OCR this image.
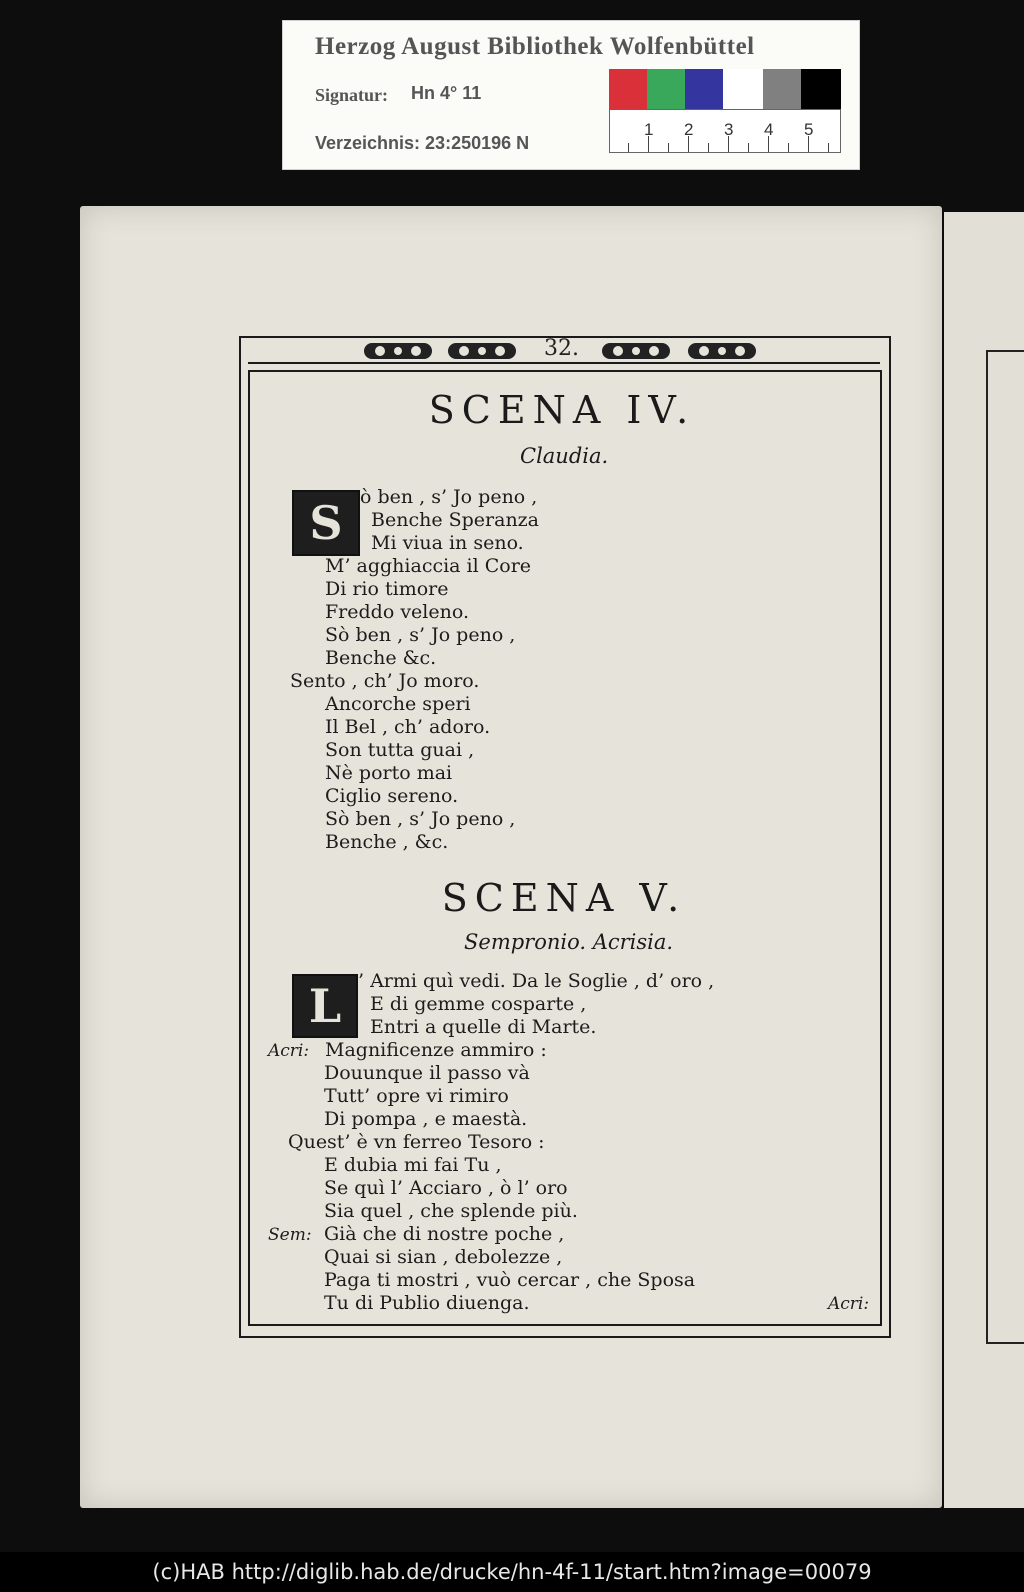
Herzog August Bibliothek Wolfenbüttel
Signatur: Hn 4° 11
Verzeichnis: 23:250196 N
1 2 3 4 5
32.
SCENA IV.
Claudia.
S ò ben , s’ Jo peno ,
Benche Speranza
Mi viua in seno.
M’ agghiaccia il Core
Di rio timore
Freddo veleno.
Sò ben , s’ Jo peno ,
Benche &c.
Sento , ch’ Jo moro.
Ancorche speri
Il Bel , ch’ adoro.
Son tutta guai ,
Nè porto mai
Ciglio sereno.
Sò ben , s’ Jo peno ,
Benche , &c.
SCENA V.
Sempronio. Acrisia.
L ’ Armi quì vedi. Da le Soglie , d’ oro ,
E di gemme cosparte ,
Entri a quelle di Marte.
Acri: Magnificenze ammiro :
Douunque il passo và
Tutt’ opre vi rimiro
Di pompa , e maestà.
Quest’ è vn ferreo Tesoro :
E dubia mi fai Tu ,
Se quì l’ Acciaro , ò l’ oro
Sia quel , che splende più.
Sem: Già che di nostre poche ,
Quai si sian , debolezze ,
Paga ti mostri , vuò cercar , che Sposa
Tu di Publio diuenga.	Acri:
(c)HAB http://diglib.hab.de/drucke/hn-4f-11/start.htm?image=00079
